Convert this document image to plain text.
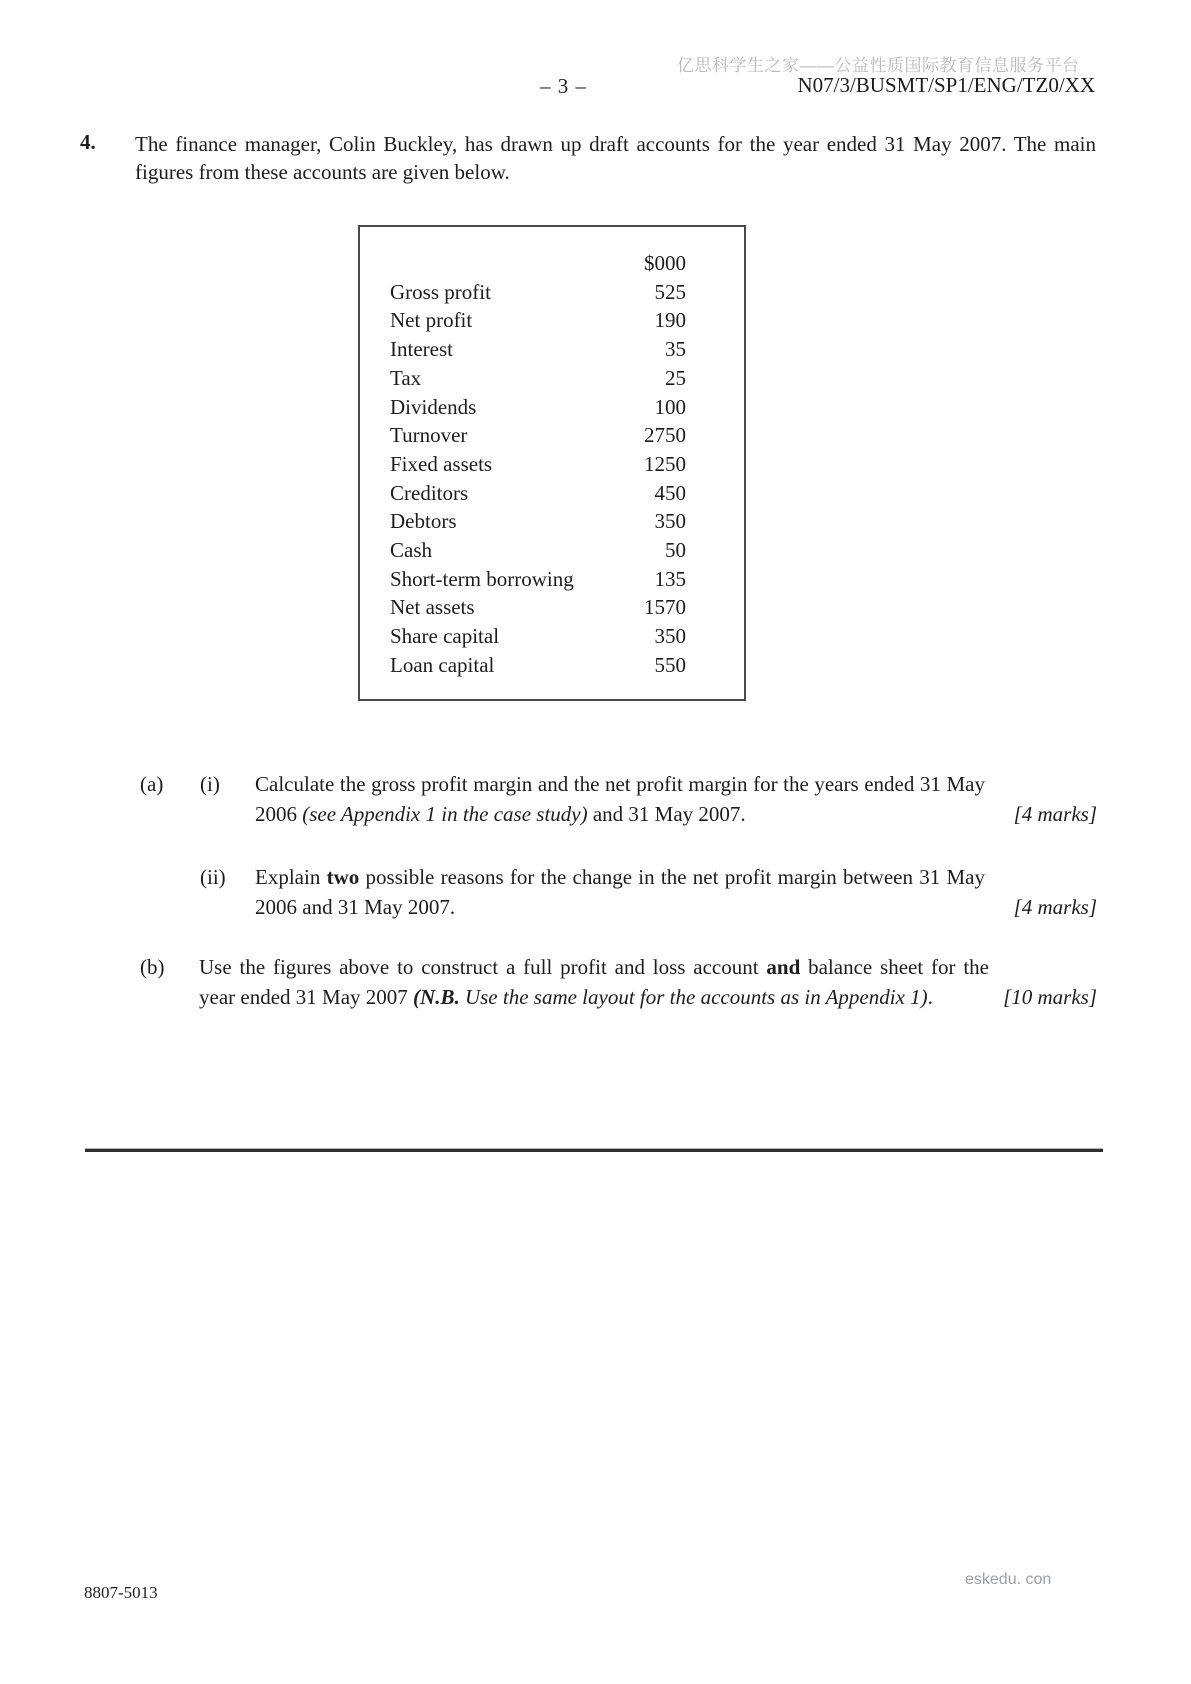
亿思科学生之家——公益性质国际教育信息服务平台
– 3 –	N07/3/BUSMT/SP1/ENG/TZ0/XX
4. The finance manager, Colin Buckley, has drawn up draft accounts for the year ended 31 May 2007. The main figures from these accounts are given below.
$000
Gross profit	525
Net profit	190
Interest	35
Tax	25
Dividends	100
Turnover	2750
Fixed assets	1250
Creditors	450
Debtors	350
Cash	50
Short-term borrowing	135
Net assets	1570
Share capital	350
Loan capital	550
(a) (i) Calculate the gross profit margin and the net profit margin for the years ended 31 May 2006 (see Appendix 1 in the case study) and 31 May 2007.	[4 marks]
(ii) Explain two possible reasons for the change in the net profit margin between 31 May 2006 and 31 May 2007.	[4 marks]
(b) Use the figures above to construct a full profit and loss account and balance sheet for the year ended 31 May 2007 (N.B. Use the same layout for the accounts as in Appendix 1).	[10 marks]
8807-5013
eskedu. con
